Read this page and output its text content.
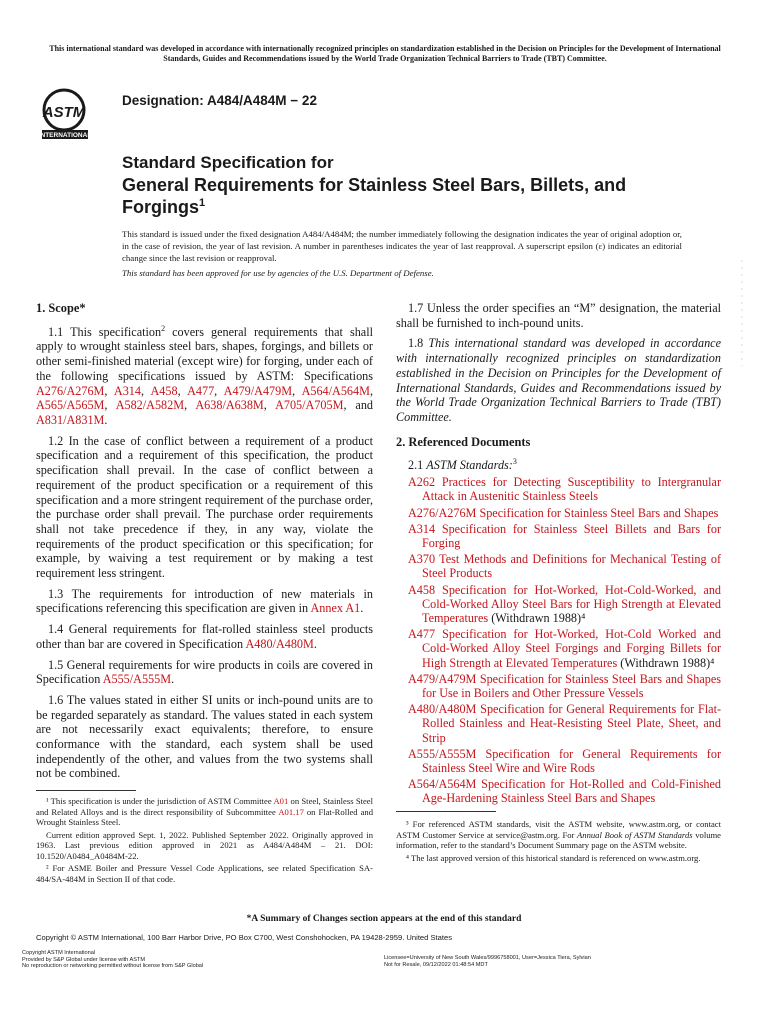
This international standard was developed in accordance with internationally recognized principles on standardization established in the Decision on Principles for the Development of International Standards, Guides and Recommendations issued by the World Trade Organization Technical Barriers to Trade (TBT) Committee.
ASTM
INTERNATIONAL
Designation: A484/A484M − 22
Standard Specification for
General Requirements for Stainless Steel Bars, Billets, and
Forgings$^1$
This standard is issued under the fixed designation A484/A484M; the number immediately following the designation indicates the year of original adoption or, in the case of revision, the year of last revision. A number in parentheses indicates the year of last reapproval. A superscript epsilon (ε) indicates an editorial change since the last revision or reapproval.
This standard has been approved for use by agencies of the U.S. Department of Defense.
1. Scope*

1.1 This specification$^2$ covers general requirements that shall apply to wrought stainless steel bars, shapes, forgings, and billets or other semi-finished material (except wire) for forging, under each of the following specifications issued by ASTM: Specifications A276/A276M, A314, A458, A477, A479/A479M, A564/A564M, A565/A565M, A582/A582M, A638/A638M, A705/A705M, and A831/A831M.

1.2 In the case of conflict between a requirement of a product specification and a requirement of this specification, the product specification shall prevail. In the case of conflict between a requirement of the product specification or a requirement of this specification and a more stringent requirement of the purchase order, the purchase order shall prevail. The purchase order requirements shall not take precedence if they, in any way, violate the requirements of the product specification or this specification; for example, by waiving a test requirement or by making a test requirement less stringent.

1.3 The requirements for introduction of new materials in specifications referencing this specification are given in Annex A1.

1.4 General requirements for flat-rolled stainless steel products other than bar are covered in Specification A480/A480M.

1.5 General requirements for wire products in coils are covered in Specification A555/A555M.

1.6 The values stated in either SI units or inch-pound units are to be regarded separately as standard. The values stated in each system are not necessarily exact equivalents; therefore, to ensure conformance with the standard, each system shall be used independently of the other, and values from the two systems shall not be combined.

1.7 Unless the order specifies an “M” designation, the material shall be furnished to inch-pound units.

1.8 This international standard was developed in accordance with internationally recognized principles on standardization established in the Decision on Principles for the Development of International Standards, Guides and Recommendations issued by the World Trade Organization Technical Barriers to Trade (TBT) Committee.

2. Referenced Documents

2.1 ASTM Standards:$^3$

A262 Practices for Detecting Susceptibility to Intergranular Attack in Austenitic Stainless Steels
A276/A276M Specification for Stainless Steel Bars and Shapes
A314 Specification for Stainless Steel Billets and Bars for Forging
A370 Test Methods and Definitions for Mechanical Testing of Steel Products
A458 Specification for Hot-Worked, Hot-Cold-Worked, and Cold-Worked Alloy Steel Bars for High Strength at Elevated Temperatures (Withdrawn 1988)⁴
A477 Specification for Hot-Worked, Hot-Cold Worked and Cold-Worked Alloy Steel Forgings and Forging Billets for High Strength at Elevated Temperatures (Withdrawn 1988)⁴
A479/A479M Specification for Stainless Steel Bars and Shapes for Use in Boilers and Other Pressure Vessels
A480/A480M Specification for General Requirements for Flat-Rolled Stainless and Heat-Resisting Steel Plate, Sheet, and Strip
A555/A555M Specification for General Requirements for Stainless Steel Wire and Wire Rods
A564/A564M Specification for Hot-Rolled and Cold-Finished Age-Hardening Stainless Steel Bars and Shapes

¹ This specification is under the jurisdiction of ASTM Committee A01 on Steel, Stainless Steel and Related Alloys and is the direct responsibility of Subcommittee A01.17 on Flat-Rolled and Wrought Stainless Steel.

Current edition approved Sept. 1, 2022. Published September 2022. Originally approved in 1963. Last previous edition approved in 2021 as A484/A484M – 21. DOI: 10.1520/A0484_A0484M-22.

² For ASME Boiler and Pressure Vessel Code Applications, see related Specification SA-484/SA-484M in Section II of that code.

³ For referenced ASTM standards, visit the ASTM website, www.astm.org, or contact ASTM Customer Service at service@astm.org. For Annual Book of ASTM Standards volume information, refer to the standard’s Document Summary page on the ASTM website.

⁴ The last approved version of this historical standard is referenced on www.astm.org.

*A Summary of Changes section appears at the end of this standard
Copyright © ASTM International, 100 Barr Harbor Drive, PO Box C700, West Conshohocken, PA 19428-2959. United States
Copyright ASTM International
Provided by S&P Global under license with ASTM
No reproduction or networking permitted without license from S&P Global
Licensee=University of New South Wales/9996758001, User=Jessica Tiera, Sylvian
Not for Resale, 09/12/2022 01:48:54 MDT
